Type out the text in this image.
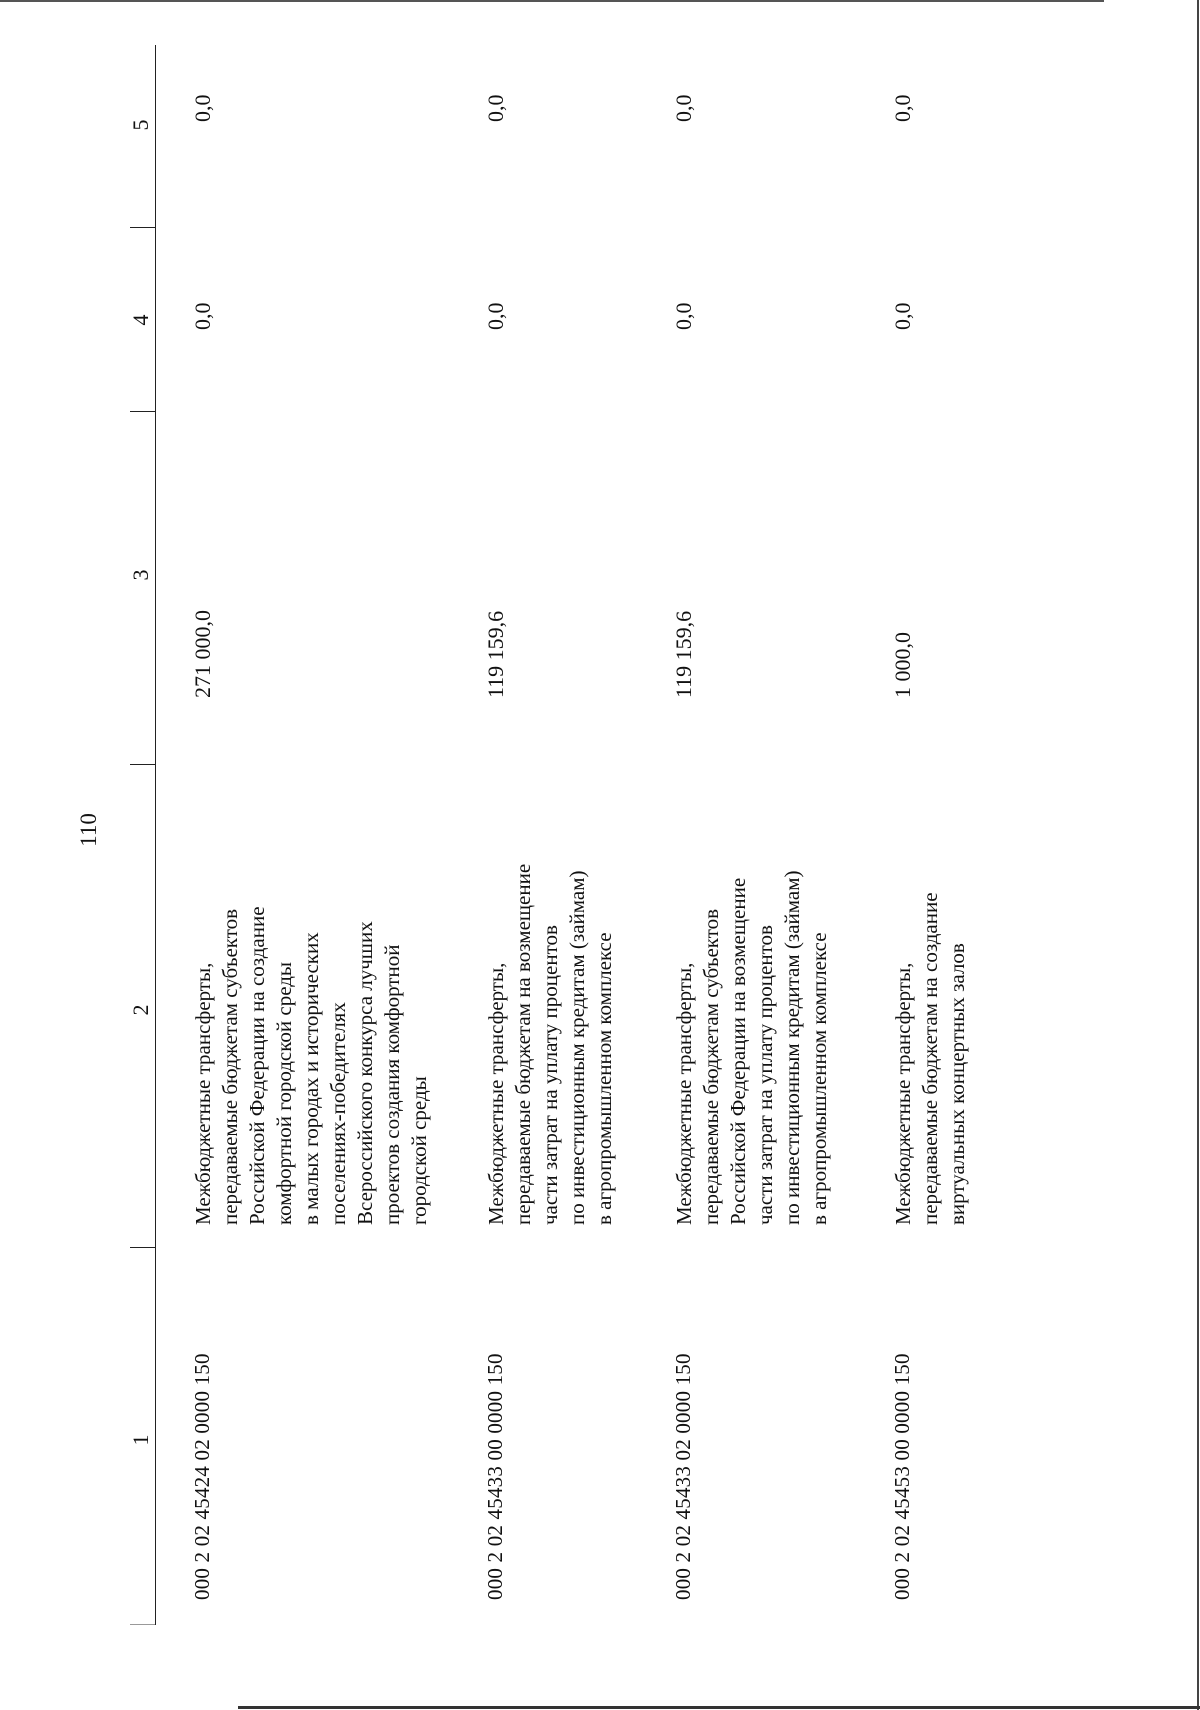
110
1
2
3
4
5
000 2 02 45424 02 0000 150
Межбюджетные трансферты, передаваемые бюджетам субъектов Российской Федерации на создание комфортной городской среды в малых городах и исторических поселениях-победителях Всероссийского конкурса лучших проектов создания комфортной городской среды
271 000,0
0,0
0,0
000 2 02 45433 00 0000 150
Межбюджетные трансферты, передаваемые бюджетам на возмещение части затрат на уплату процентов по инвестиционным кредитам (займам) в агропромышленном комплексе
119 159,6
0,0
0,0
000 2 02 45433 02 0000 150
Межбюджетные трансферты, передаваемые бюджетам субъектов Российской Федерации на возмещение части затрат на уплату процентов по инвестиционным кредитам (займам) в агропромышленном комплексе
119 159,6
0,0
0,0
000 2 02 45453 00 0000 150
Межбюджетные трансферты, передаваемые бюджетам на создание виртуальных концертных залов
1 000,0
0,0
0,0
